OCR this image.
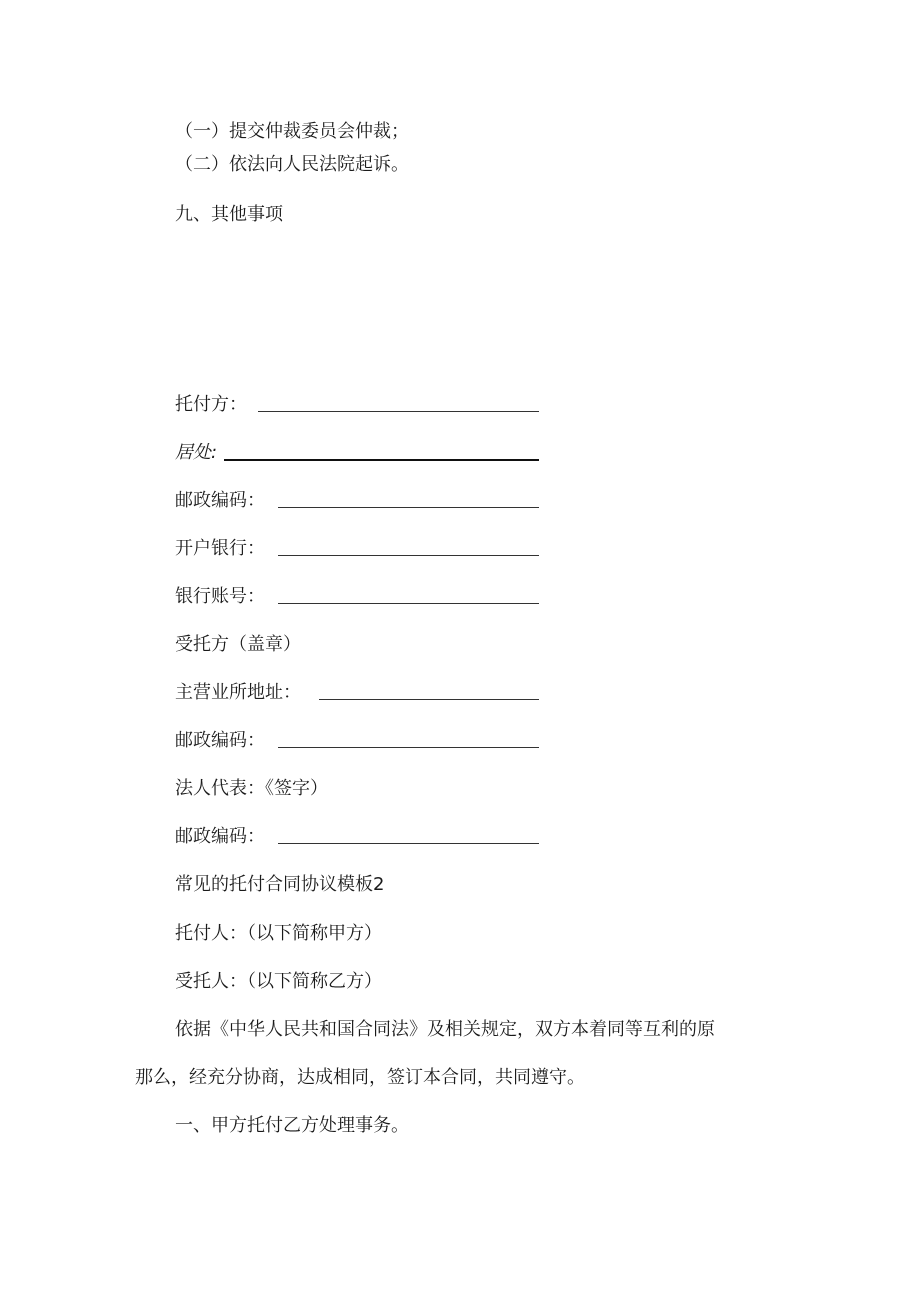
（一）提交仲裁委员会仲裁；
（二）依法向人民法院起诉。
九、其他事项
托付方：
居处:
邮政编码：
开户银行：
银行账号：
受托方（盖章）
主营业所地址：
邮政编码：
法人代表：《签字）
邮政编码：
常见的托付合同协议模板2
托付人：（以下简称甲方）
受托人：（以下简称乙方）
依据《中华人民共和国合同法》及相关规定，双方本着同等互利的原
那么，经充分协商，达成相同，签订本合同，共同遵守。
一、甲方托付乙方处理事务。
